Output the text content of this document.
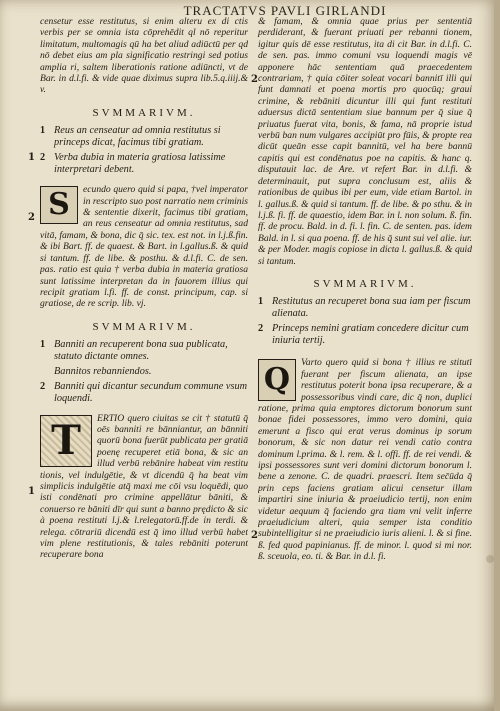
TRACTATVS PAVLI GIRLANDI

censetur esse restitutus, si enim alteru ex di ctis verbis per se omnia ista cōprehēdit ql nō reperitur limitatum, multomagis qū ha bet aliud adiūctū per qd nō debet eius am pla significatio restringi sed potius amplia ri, saltem liberationis ratione adiūncti, vt de Bar. in d.l.fi. & vide quae diximus supra lib.5.q.iiij.& v.

SVMMARIVM.
1 Reus an censeatur ad omnia restitutus si princeps dicat, facimus tibi gratiam.
2 Verba dubia in materia gratiosa latissime interpretari debent.
S	ecundo quero quid si papa, †vel imperator in rescripto suo post narratio nem criminis & sententie dixerit, facimus tibi gratiam, an reus censeatur ad omnia restitutus, sad vitā, famam, & bona, dic q̄ sic. tex. est not. in l.j.ß.fin. & ibi Bart. ff. de quaest. & Bart. in l.gallus.ß. & quid si tantum. ff. de libe. & posthu. & d.l.fi. C. de sen. pas. ratio est quia † verba dubia in materia gratiosa sunt latissime interpretan da in fauorem illius qui recipit gratiam l.fi. ff. de const. principum, cap. si gratiose, de re scrip. lib. vj.

SVMMARIVM.
1 Banniti an recuperent bona sua publicata, statuto dictante omnes.
Bannitos rebanniendos.
2 Banniti qui dicantur secundum commune vsum loquendi.
T	ERTIO quero ciuitas se cit † statutū q̄ oēs banniti re bānniantur, an bānniti quorū bona fuerūt publicata per gratiā poenę recuperet etiā bona, & sic an illud verbū rebānire habeat vim restitu tionis, vel indulgētie, & vt dicendū q̄ ha beat vim simplicis indulgētie atq̄ maxi me cōi vsu loquēdi, quo isti condēnati pro crimine appellātur bāniti, & conuerso re bāniti dīr qui sunt a banno prędicto & sic à poena restituti l.j.& l.relegatorū.ff.de in terdi. & relega. cōtrariū dicendū est q̄ imo illud verbū habet vim plene restitutionis, & tales rebāniti poterunt recuperare bona

1
2
1

& famam, & omnia quae prius per sententiā perdiderant, & fuerant priuati per rebanni tionem, igitur quis dē esse restitutus, ita di cit Bar. in d.l.fi. C. de sen. pas. immo comuni vsu loquendi magis vē apponere hāc sententiam quā praecedentem contrariam, † quia cōiter soleat vocari bannitī illi qui funt damnati et poena mortis pro quocūq; graui crimine, & rebāniti dicuntur illi qui funt restituti aduersus dictā sententiam siue bannum per q̄ siue q̄ priuatus fuerat vita, bonis, & fama, nā proprie istud verbū ban num vulgares accipiūt pro fūis, & propte rea dicūt queān esse capit bannitū, vel ha bere bannū capitis qui est condēnatus poe na capitis. & hanc q. disputauit lac. de Are. vt refert Bar. in d.l.fi. & determinauit, put supra conclusum est, aliis & rationibus de quibus ibi per eum, vide etiam Bartol. in l. gallus.ß. & quid si tantum. ff. de libe. & po sthu. & in l.j.ß. fi. ff. de quaestio, idem Bar. in l. non solum. ß. fin. ff. de procu. Bald. in d. fi. l. fin. C. de senten. pas. idem Bald. in l. si qua poena. ff. de his q̄ sunt sui vel alie. iur. & per Moder. magis copiose in dicta l. gallus.ß. & quid si tantum.

SVMMARIVM.
1 Restitutus an recuperet bona sua iam per fiscum alienata.
2 Princeps nemini gratiam concedere dicitur cum iniuria tertij.
Q	Varto quero quid si bona † illius re stitutī fuerant per fiscum alienata, an ipse restitutus poterit bona ipsa recuperare, & a possessoribus vindi care, dic q̄ non, duplici ratione, prima quia emptores dictorum bonorum sunt bonae fidei possessores, immo vero domini, quia emerunt a fisco qui erat verus dominus ip sorum bonorum, & sic non datur rei vendi catio contra dominum l.prima. & l. rem. & l. offi. ff. de rei vendi. & ipsi possessores sunt veri domini dictorum bonorum l. bene a zenone. C. de quadri. praescri. Item sec̄ūda q̄ prin ceps faciens gratiam alicui censetur illam impartiri sine iniuria & praeiudicio tertij, non enim videtur aequum q̄ faciendo gra tiam vni velit inferre praeiudicium alteri, quia semper ista conditio subintelligitur si ne praeiudicio iuris alieni. l. & si fine. ß. fed quod papinianus. ff. de minor. l. quod si mi nor. ß. sceuola, eo. ti. & Bar. in d.l. fi.

2
2
